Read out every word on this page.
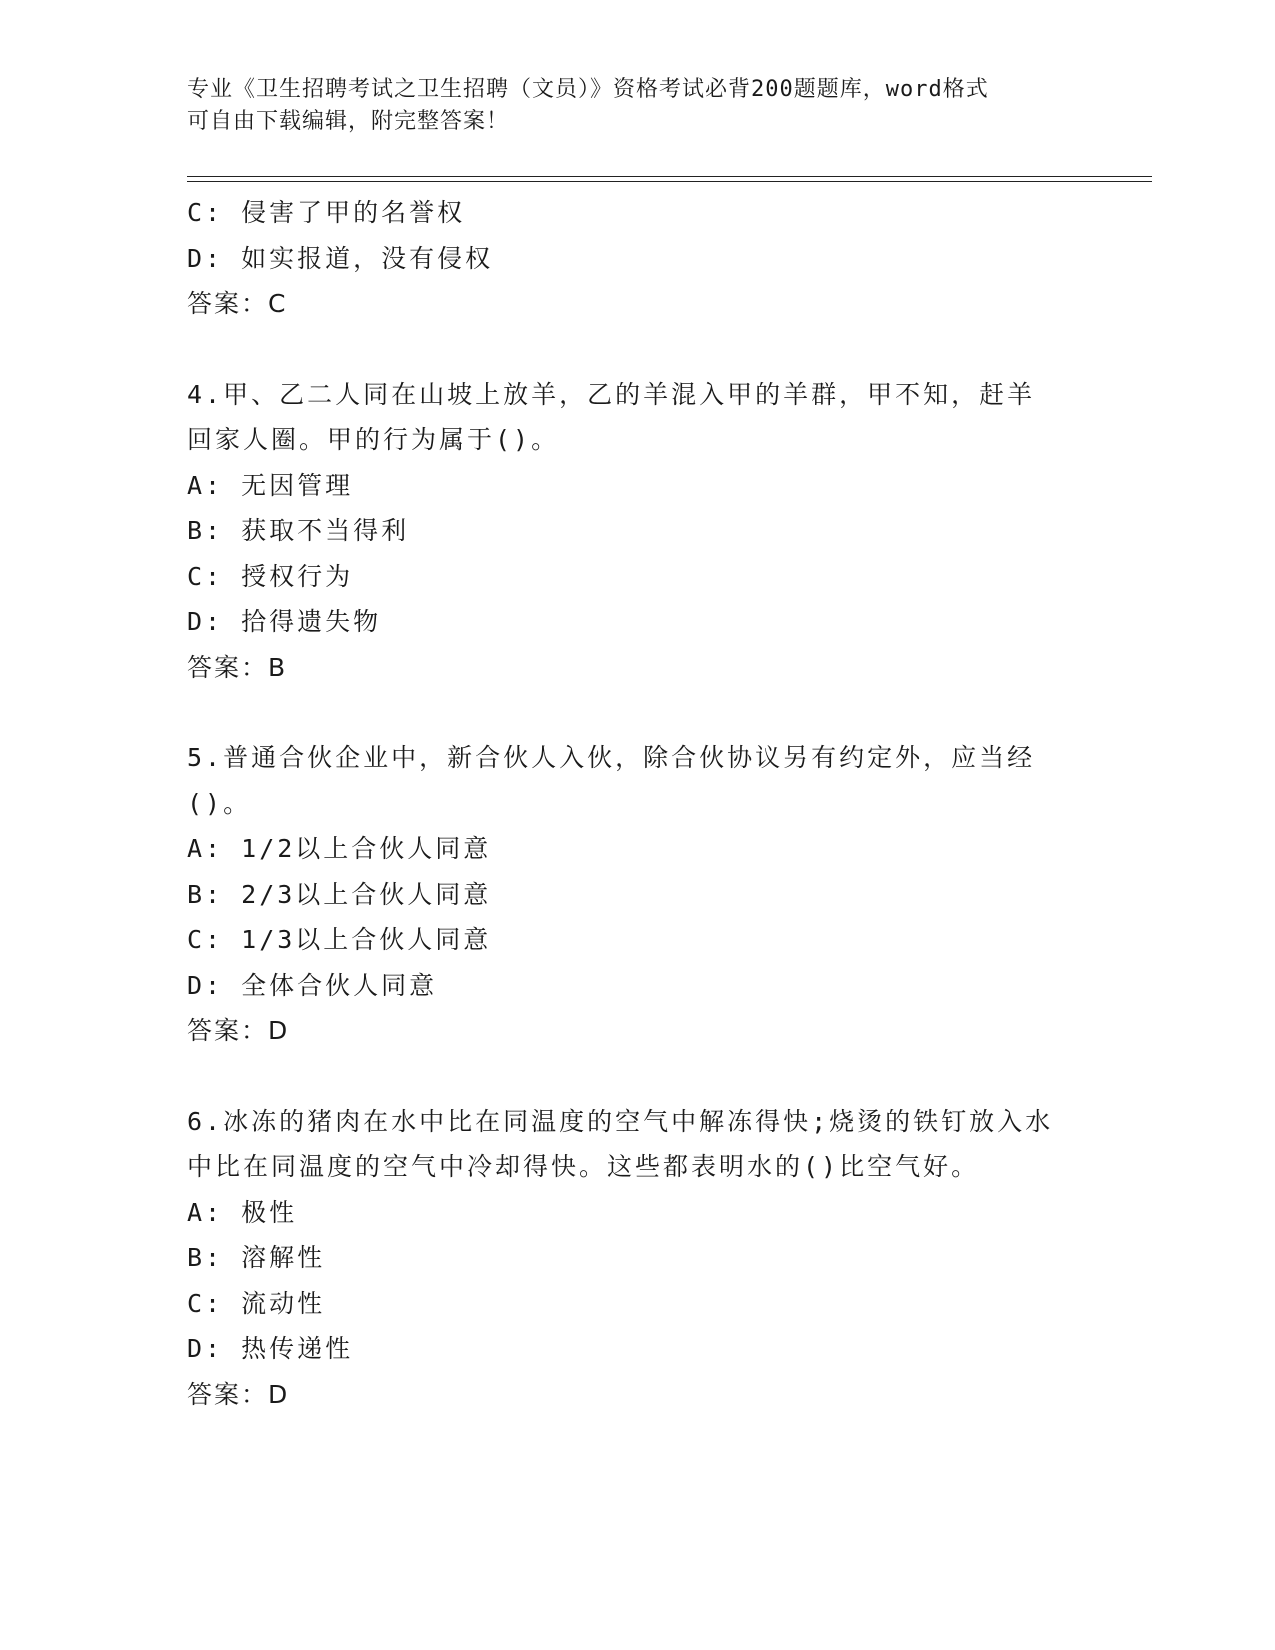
专业《卫生招聘考试之卫生招聘（文员）》资格考试必背200题题库，word格式
可自由下载编辑，附完整答案！
C: 侵害了甲的名誉权
D: 如实报道，没有侵权
答案：C
4.甲、乙二人同在山坡上放羊，乙的羊混入甲的羊群，甲不知，赶羊
回家人圈。甲的行为属于()。
A: 无因管理
B: 获取不当得利
C: 授权行为
D: 拾得遗失物
答案：B
5.普通合伙企业中，新合伙人入伙，除合伙协议另有约定外，应当经
()。
A: 1/2以上合伙人同意
B: 2/3以上合伙人同意
C: 1/3以上合伙人同意
D: 全体合伙人同意
答案：D
6.冰冻的猪肉在水中比在同温度的空气中解冻得快;烧烫的铁钉放入水
中比在同温度的空气中冷却得快。这些都表明水的()比空气好。
A: 极性
B: 溶解性
C: 流动性
D: 热传递性
答案：D
